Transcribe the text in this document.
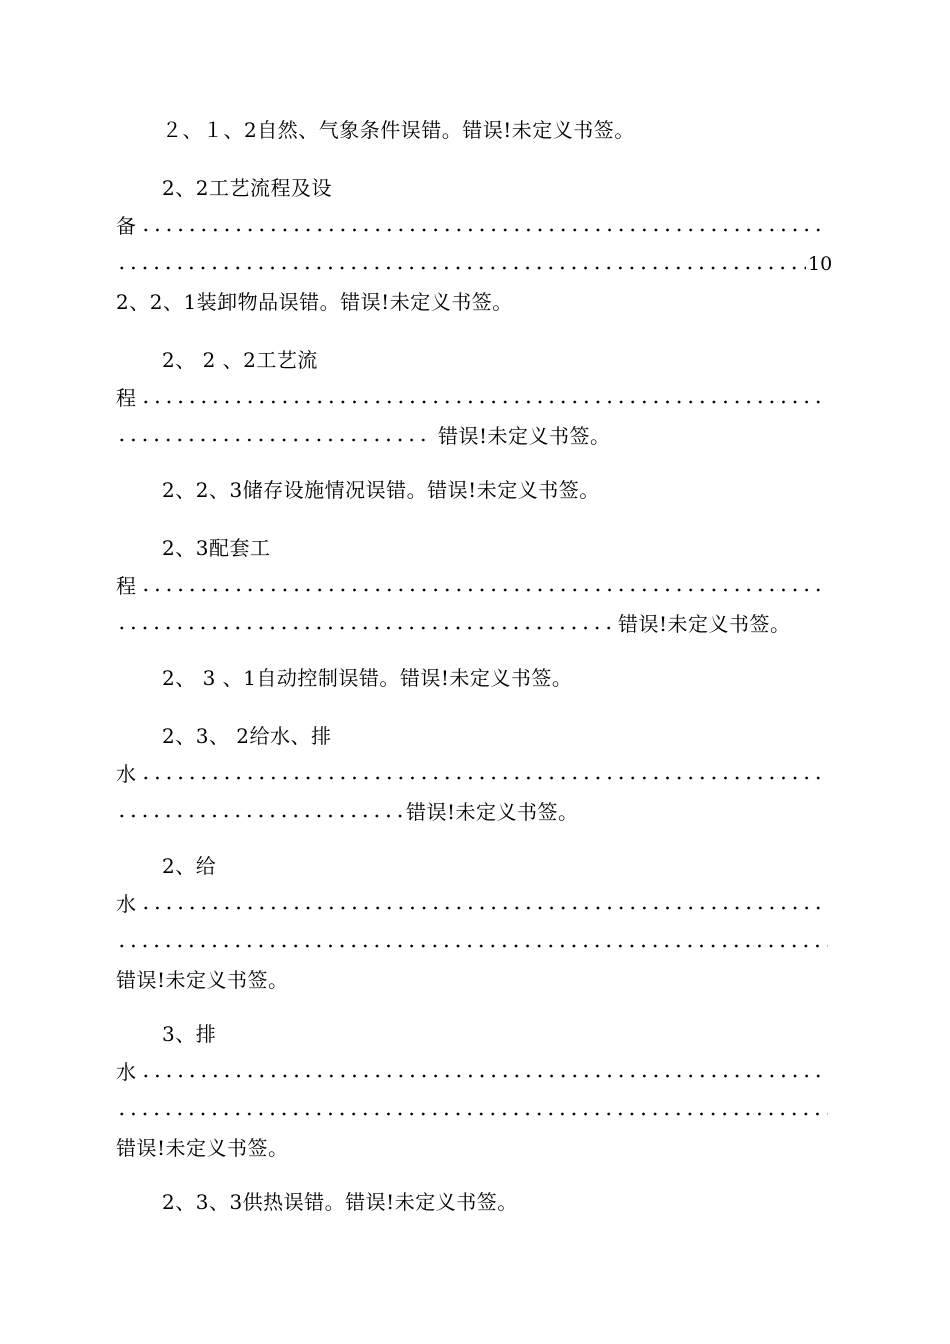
２、１、2自然、气象条件误错。错误!未定义书签。
2、2工艺流程及设
备
10
2、2、1装卸物品误错。错误!未定义书签。
2、 2 、2工艺流
程
错误!未定义书签。
2、2、3储存设施情况误错。错误!未定义书签。
2、3配套工
程
错误!未定义书签。
2、 3 、1自动控制误错。错误!未定义书签。
2、3、 2给水、排
水
错误!未定义书签。
2、给
水
错误!未定义书签。
3、排
水
错误!未定义书签。
2、3、3供热误错。错误!未定义书签。
